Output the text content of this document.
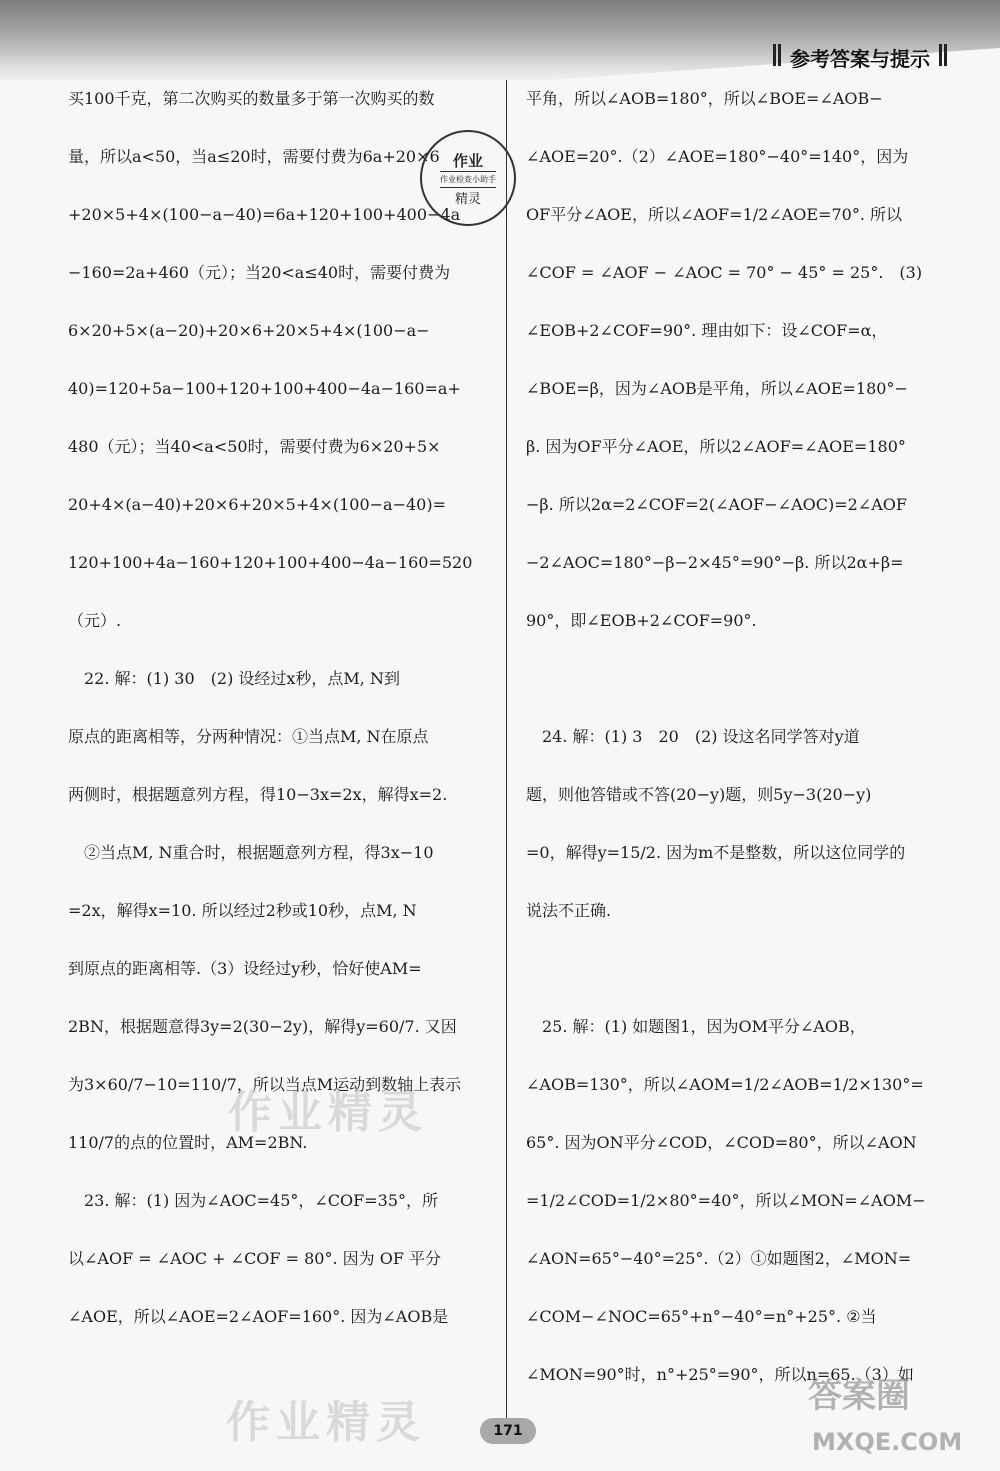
参考答案与提示

买100千克，第二次购买的数量多于第一次购买的数

量，所以a<50，当a≤20时，需要付费为6a+20×6

+20×5+4×(100−a−40)=6a+120+100+400−4a

−160=2a+460（元）；当20<a≤40时，需要付费为

6×20+5×(a−20)+20×6+20×5+4×(100−a−

40)=120+5a−100+120+100+400−4a−160=a+

480（元）；当40<a<50时，需要付费为6×20+5×

20+4×(a−40)+20×6+20×5+4×(100−a−40)=

120+100+4a−160+120+100+400−4a−160=520

（元）.

　22. 解：(1) 30　(2) 设经过x秒，点M, N到

原点的距离相等，分两种情况：①当点M, N在原点

两侧时，根据题意列方程，得10−3x=2x，解得x=2.

　②当点M, N重合时，根据题意列方程，得3x−10

=2x，解得x=10. 所以经过2秒或10秒，点M, N

到原点的距离相等.（3）设经过y秒，恰好使AM=

2BN，根据题意得3y=2(30−2y)，解得y=60/7. 又因

为3×60/7−10=110/7，所以当点M运动到数轴上表示

110/7的点的位置时，AM=2BN.

　23. 解：(1) 因为∠AOC=45°，∠COF=35°，所

以∠AOF = ∠AOC + ∠COF = 80°. 因为 OF 平分

∠AOE，所以∠AOE=2∠AOF=160°. 因为∠AOB是

平角，所以∠AOB=180°，所以∠BOE=∠AOB−

∠AOE=20°.（2）∠AOE=180°−40°=140°，因为

OF平分∠AOE，所以∠AOF=1/2∠AOE=70°. 所以

∠COF = ∠AOF − ∠AOC = 70° − 45° = 25°.　(3)

∠EOB+2∠COF=90°. 理由如下：设∠COF=α，

∠BOE=β，因为∠AOB是平角，所以∠AOE=180°−

β. 因为OF平分∠AOE，所以2∠AOF=∠AOE=180°

−β. 所以2α=2∠COF=2(∠AOF−∠AOC)=2∠AOF

−2∠AOC=180°−β−2×45°=90°−β. 所以2α+β=

90°，即∠EOB+2∠COF=90°.

　24. 解：(1) 3　20　(2) 设这名同学答对y道

题，则他答错或不答(20−y)题，则5y−3(20−y)

=0，解得y=15/2. 因为m不是整数，所以这位同学的

说法不正确.

　25. 解：(1) 如题图1，因为OM平分∠AOB，

∠AOB=130°，所以∠AOM=1/2∠AOB=1/2×130°=

65°. 因为ON平分∠COD，∠COD=80°，所以∠AON

=1/2∠COD=1/2×80°=40°，所以∠MON=∠AOM−

∠AON=65°−40°=25°.（2）①如题图2，∠MON=

∠COM−∠NOC=65°+n°−40°=n°+25°. ②当

∠MON=90°时，n°+25°=90°，所以n=65.（3）如

作业
作业检查小助手
精灵
作业精灵
作业精灵	171
答案圈
MXQE.COM
